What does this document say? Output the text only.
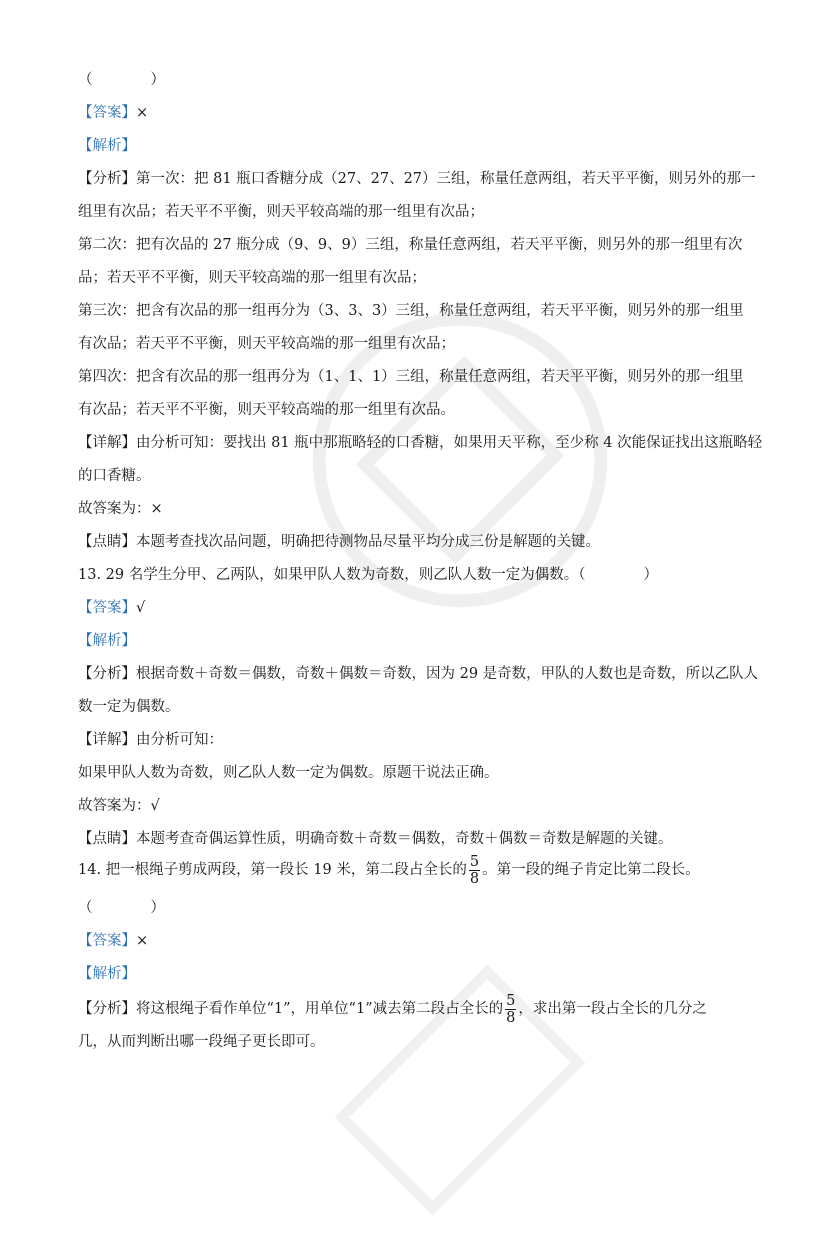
（　　　　）
【答案】×
【解析】
【分析】第一次：把 81 瓶口香糖分成（27、27、27）三组，称量任意两组，若天平平衡，则另外的那一
组里有次品；若天平不平衡，则天平较高端的那一组里有次品；
第二次：把有次品的 27 瓶分成（9、9、9）三组，称量任意两组，若天平平衡，则另外的那一组里有次
品；若天平不平衡，则天平较高端的那一组里有次品；
第三次：把含有次品的那一组再分为（3、3、3）三组，称量任意两组，若天平平衡，则另外的那一组里
有次品；若天平不平衡，则天平较高端的那一组里有次品；
第四次：把含有次品的那一组再分为（1、1、1）三组，称量任意两组，若天平平衡，则另外的那一组里
有次品；若天平不平衡，则天平较高端的那一组里有次品。
【详解】由分析可知：要找出 81 瓶中那瓶略轻的口香糖，如果用天平称，至少称 4 次能保证找出这瓶略轻
的口香糖。
故答案为：×
【点睛】本题考查找次品问题，明确把待测物品尽量平均分成三份是解题的关键。
13. 29 名学生分甲、乙两队，如果甲队人数为奇数，则乙队人数一定为偶数。（　　　　）
【答案】√
【解析】
【分析】根据奇数＋奇数＝偶数，奇数＋偶数＝奇数，因为 29 是奇数，甲队的人数也是奇数，所以乙队人
数一定为偶数。
【详解】由分析可知：
如果甲队人数为奇数，则乙队人数一定为偶数。原题干说法正确。
故答案为：√
【点睛】本题考查奇偶运算性质，明确奇数＋奇数＝偶数，奇数＋偶数＝奇数是解题的关键。
14. 把一根绳子剪成两段，第一段长 19 米，第二段占全长的 $\frac{5}{8}$ 。第一段的绳子肯定比第二段长。
（　　　　）
【答案】×
【解析】
【分析】将这根绳子看作单位“1”，用单位“1”减去第二段占全长的 $\frac{5}{8}$ ，求出第一段占全长的几分之
几，从而判断出哪一段绳子更长即可。
